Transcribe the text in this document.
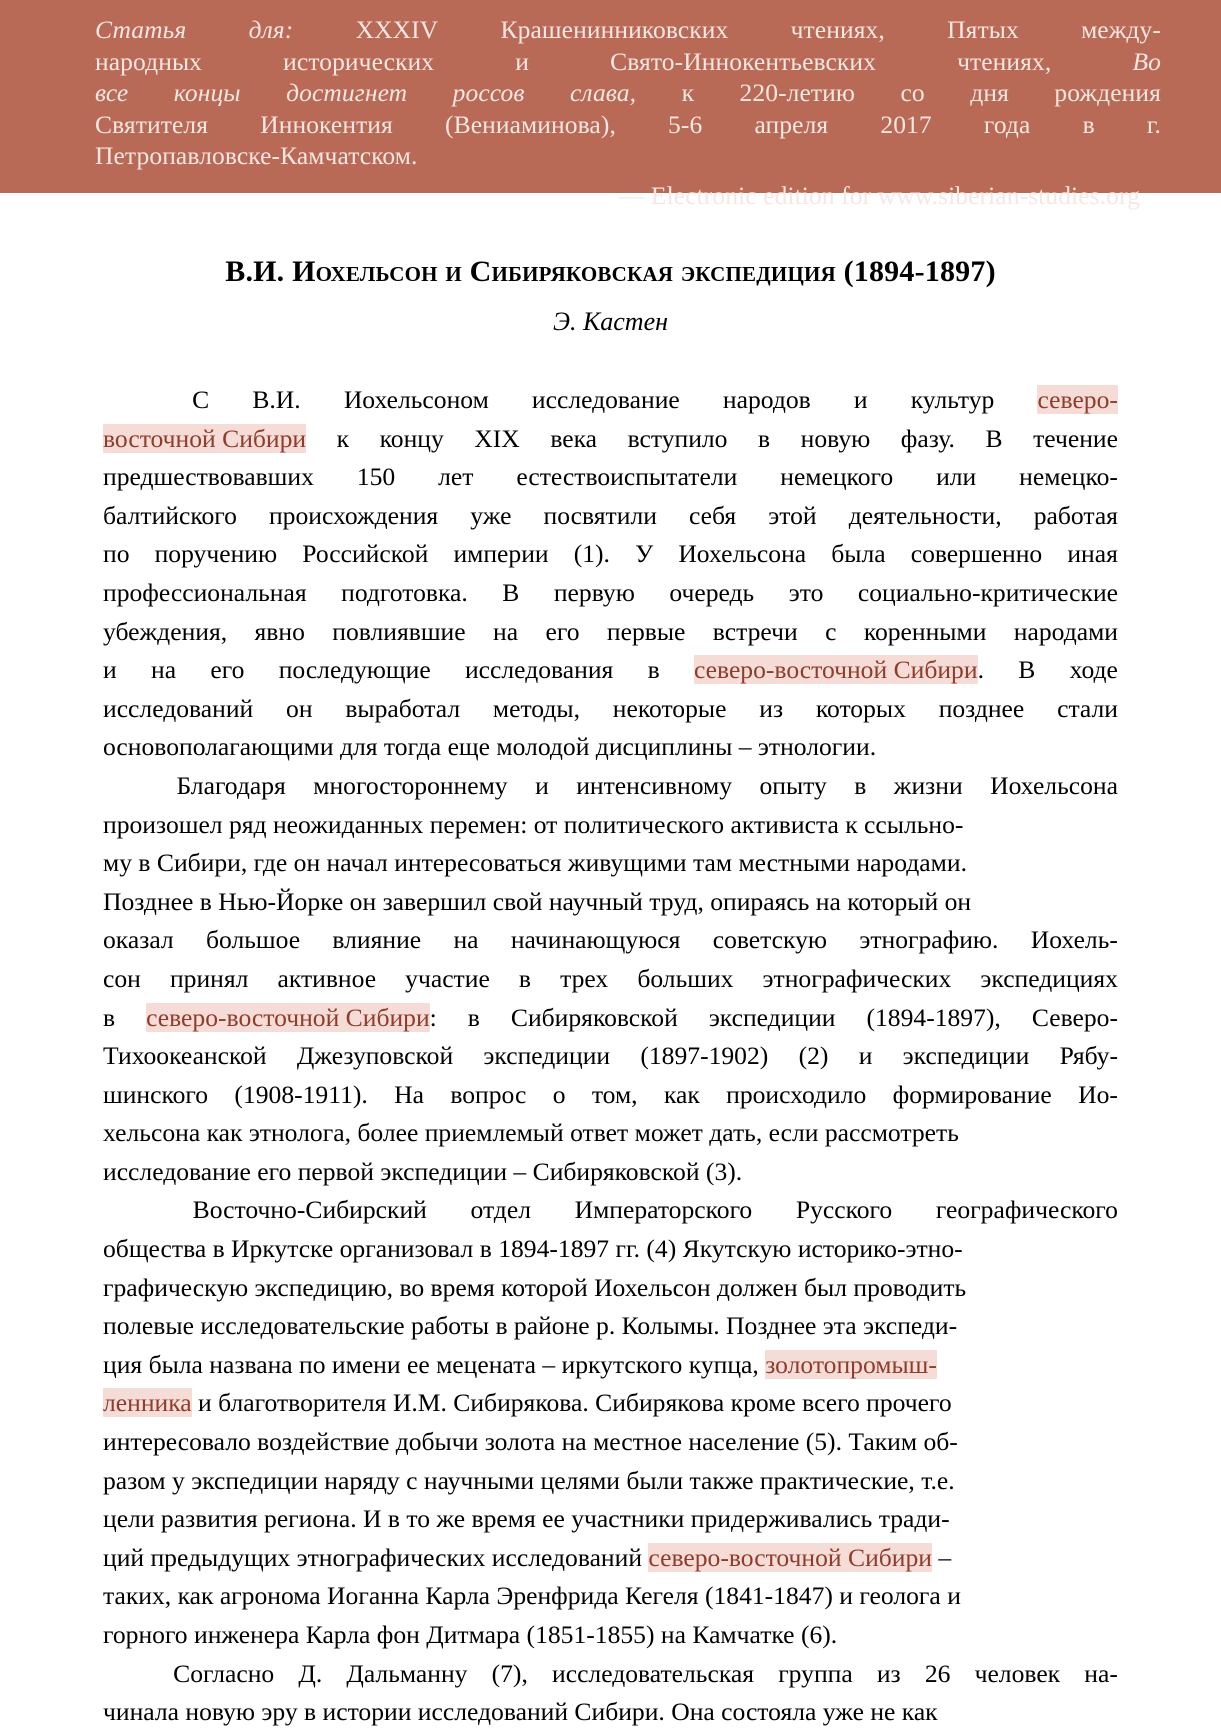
Статья для: XXXIV Крашенинниковских чтениях, Пятых между-
народных	исторических	и	Свято-Иннокентьевских	чтениях,	Во
все концы достигнет россов слава, к 220-летию со дня рождения
Святителя Иннокентия (Вениаминова), 5-6 апреля 2017 года в г.
Петропавловске-Камчатском.
— Electronic edition for www.siberian-studies.org
В.И. Иохельсон и Сибиряковская экспедиция (1894-1897)
Э. Кастен

С В.И. Иохельсоном исследование народов и культур северо-
восточной Сибири к концу XIX века вступило в новую фазу. В течение
предшествовавших 150 лет естествоиспытатели немецкого или немецко-
балтийского происхождения уже посвятили себя этой деятельности, работая
по поручению Российской империи (1). У Иохельсона была совершенно иная
профессиональная подготовка. В первую очередь это социально-критические
убеждения, явно повлиявшие на его первые встречи с коренными народами
и на его последующие исследования в северо-восточной Сибири. В ходе
исследований он выработал методы, некоторые из которых позднее стали
основополагающими для тогда еще молодой дисциплины – этнологии.

Благодаря многостороннему и интенсивному опыту в жизни Иохельсона
произошел ряд неожиданных перемен: от политического активиста к ссыльно-
му в Сибири, где он начал интересоваться живущими там местными народами.
Позднее в Нью-Йорке он завершил свой научный труд, опираясь на который он
оказал большое влияние на начинающуюся советскую этнографию. Иохель-
сон принял активное участие в трех больших этнографических экспедициях
в северо-восточной Сибири: в Сибиряковской экспедиции (1894-1897), Северо-
Тихоокеанской Джезуповской экспедиции (1897-1902) (2) и экспедиции Рябу-
шинского (1908-1911). На вопрос о том, как происходило формирование Ио-
хельсона как этнолога, более приемлемый ответ может дать, если рассмотреть
исследование его первой экспедиции – Сибиряковской (3).

Восточно-Сибирский отдел Императорского Русского географического
общества в Иркутске организовал в 1894-1897 гг. (4) Якутскую историко-этно-
графическую экспедицию, во время которой Иохельсон должен был проводить
полевые исследовательские работы в районе р. Колымы. Позднее эта экспеди-
ция была названа по имени ее мецената – иркутского купца, золотопромыш-
ленника и благотворителя И.М. Сибирякова. Сибирякова кроме всего прочего
интересовало воздействие добычи золота на местное население (5). Таким об-
разом у экспедиции наряду с научными целями были также практические, т.е.
цели развития региона. И в то же время ее участники придерживались тради-
ций предыдущих этнографических исследований северо-восточной Сибири –
таких, как агронома Иоганна Карла Эренфрида Кегеля (1841-1847) и геолога и
горного инженера Карла фон Дитмара (1851-1855) на Камчатке (6).

Согласно Д. Дальманну (7), исследовательская группа из 26 человек на-
чинала новую эру в истории исследований Сибири. Она состояла уже не как
